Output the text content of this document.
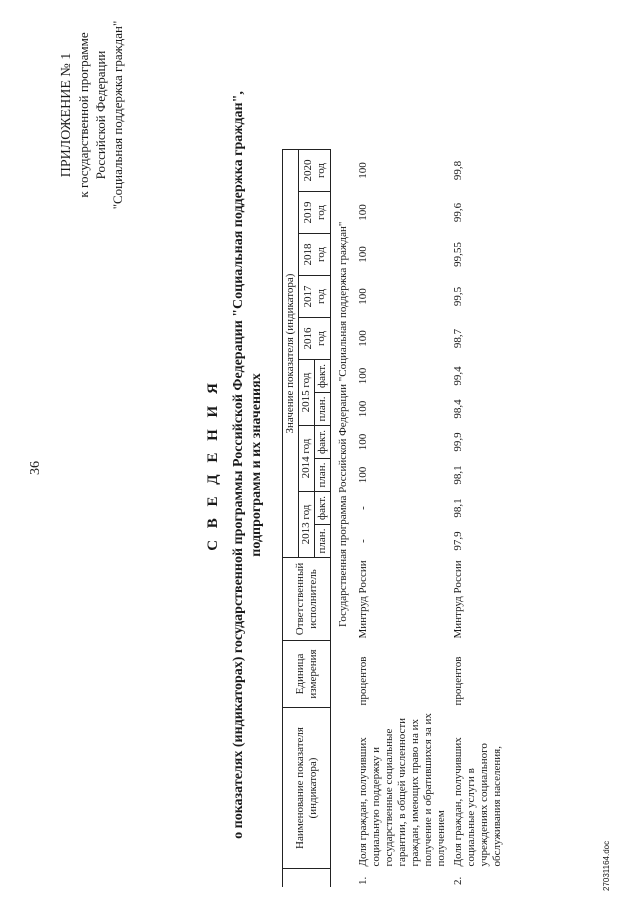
36
ПРИЛОЖЕНИЕ № 1 к государственной программе Российской Федерации "Социальная поддержка граждан"
С В Е Д Е Н И Я о показателях (индикаторах) государственной программы Российской Федерации "Социальная поддержка граждан", подпрограмм и их значениях
	Наименование показателя (индикатора)	Единица измерения	Ответственный исполнитель	Значение показателя (индикатора)										
				2013 год		2014 год		2015 год		2016 год	2017 год	2018 год	2019 год	2020 год
				план.	факт.	план.	факт.	план.	факт.					
Государственная программа Российской Федерации "Социальная поддержка граждан"														
1.	Доля граждан, получивших социальную поддержку и государственные социальные гарантии, в общей численности граждан, имеющих право на их получение и обратившихся за их получением	процентов	Минтруд России	-	-	100	100	100	100	100	100	100	100	100
2.	Доля граждан, получивших социальные услуги в учреждениях социального обслуживания населения,	процентов	Минтруд России	97,9	98,1	98,1	99,9	98,4	99,4	98,7	99,5	99,55	99,6	99,8
27031164.doc
